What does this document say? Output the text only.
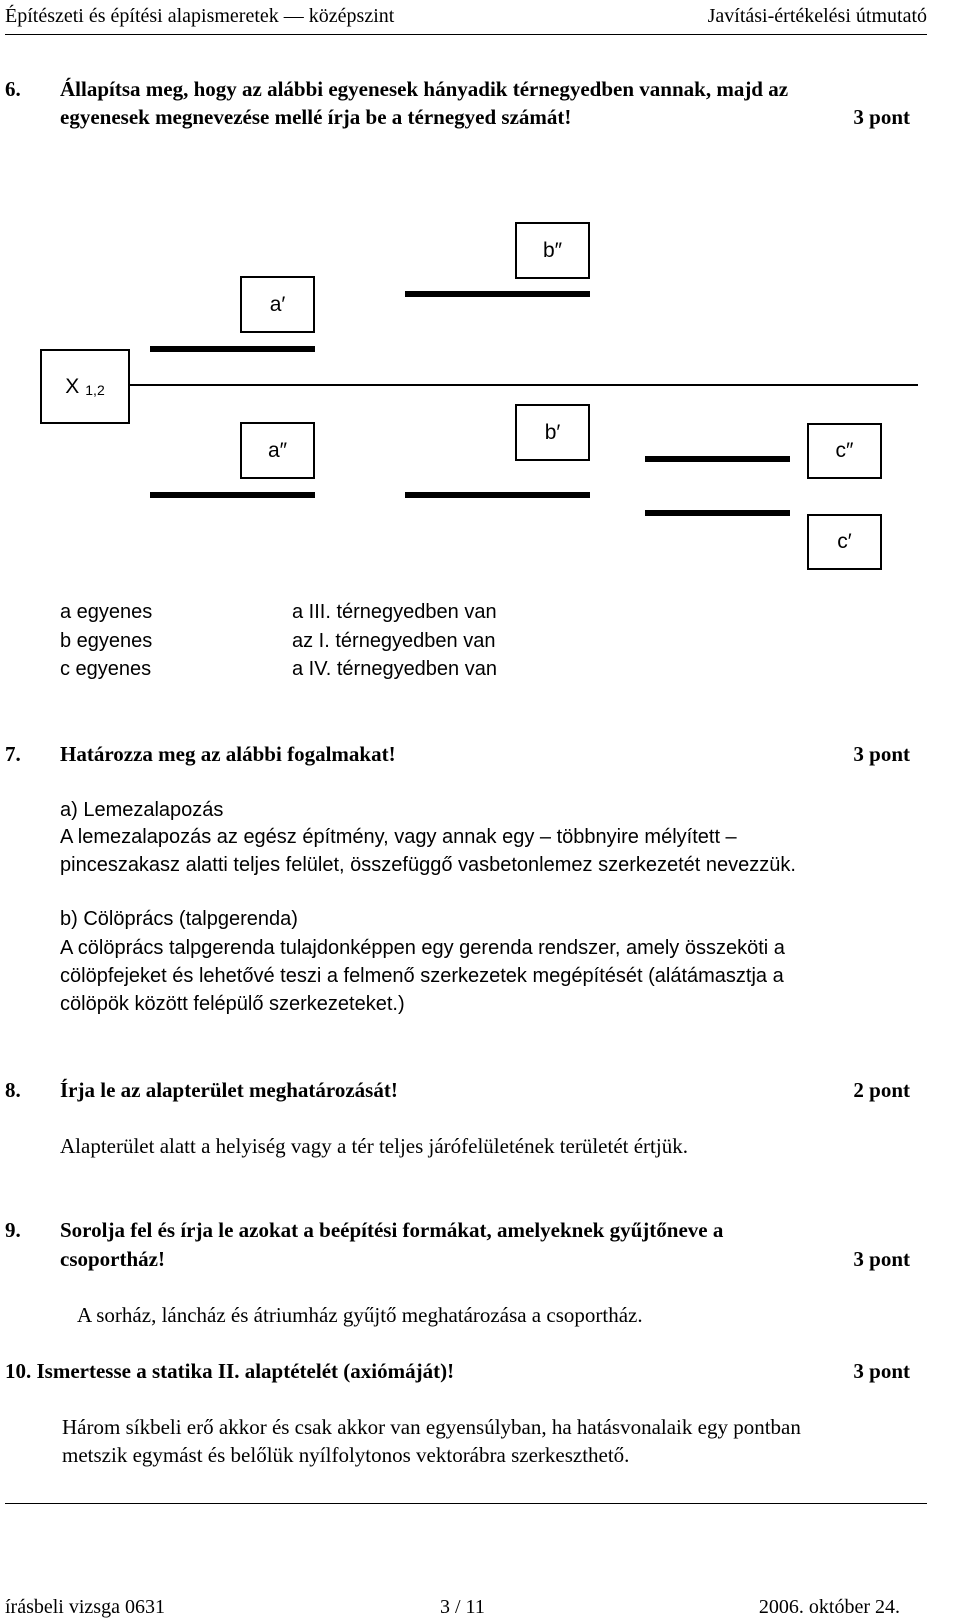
Építészeti és építési alapismeretek — középszint	Javítási-értékelési útmutató
6. Állapítsa meg, hogy az alábbi egyenesek hányadik térnegyedben vannak, majd az
egyenesek megnevezése mellé írja be a térnegyed számát!	3 pont
X 1,2
a′
a″
b″
b′
c″
c′
a egyenes	a III. térnegyedben van
b egyenes	az I. térnegyedben van
c egyenes	a IV. térnegyedben van
7. Határozza meg az alábbi fogalmakat!	3 pont
a) Lemezalapozás
A lemezalapozás az egész építmény, vagy annak egy – többnyire mélyített –
pinceszakasz alatti teljes felület, összefüggő vasbetonlemez szerkezetét nevezzük.
b) Cölöprács (talpgerenda)
A cölöprács talpgerenda tulajdonképpen egy gerenda rendszer, amely összeköti a
cölöpfejeket és lehetővé teszi a felmenő szerkezetek megépítését (alátámasztja a
cölöpök között felépülő szerkezeteket.)
8. Írja le az alapterület meghatározását!	2 pont
Alapterület alatt a helyiség vagy a tér teljes járófelületének területét értjük.
9. Sorolja fel és írja le azokat a beépítési formákat, amelyeknek gyűjtőneve a
csoportház!	3 pont
A sorház, láncház és átriumház gyűjtő meghatározása a csoportház.
10. Ismertesse a statika II. alaptételét (axiómáját)!	3 pont
Három síkbeli erő akkor és csak akkor van egyensúlyban, ha hatásvonalaik egy pontban
metszik egymást és belőlük nyílfolytonos vektorábra szerkeszthető.
írásbeli vizsga 0631	3 / 11	2006. október 24.
